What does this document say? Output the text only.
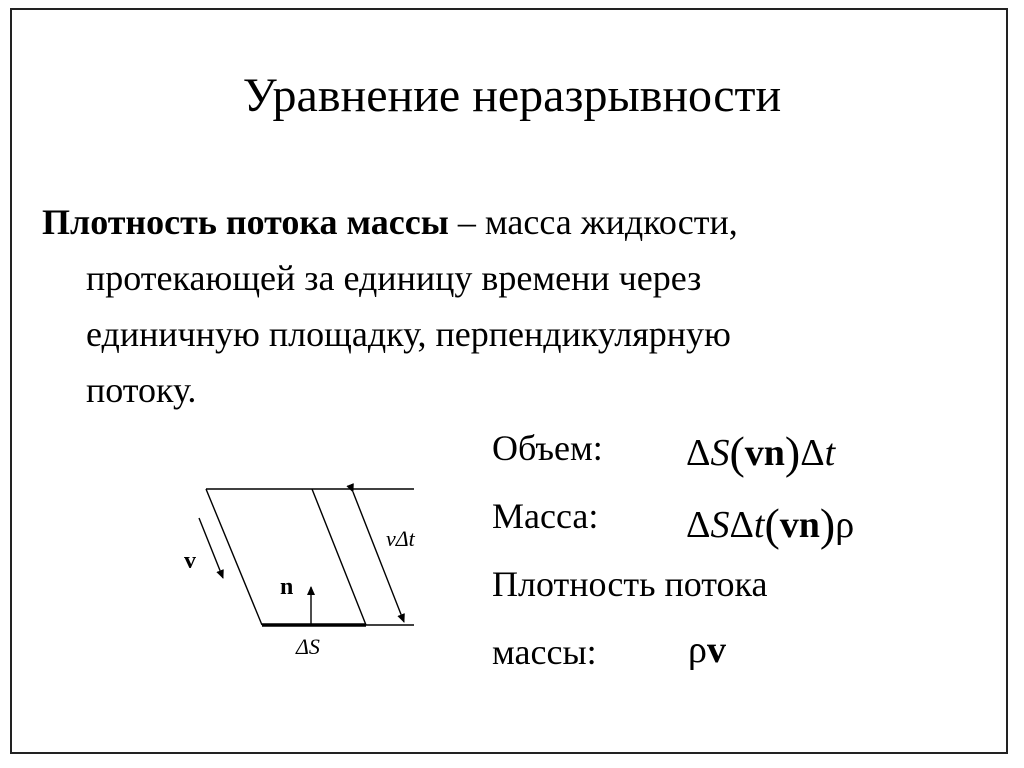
Уравнение неразрывности
Плотность потока массы – масса жидкости,
протекающей за единицу времени через
единичную площадку, перпендикулярную
потоку.
Объем: ΔS(vn)Δt
Масса: ΔSΔt(vn)ρ
Плотность потока
массы: ρv
v
n
ΔS
vΔt
